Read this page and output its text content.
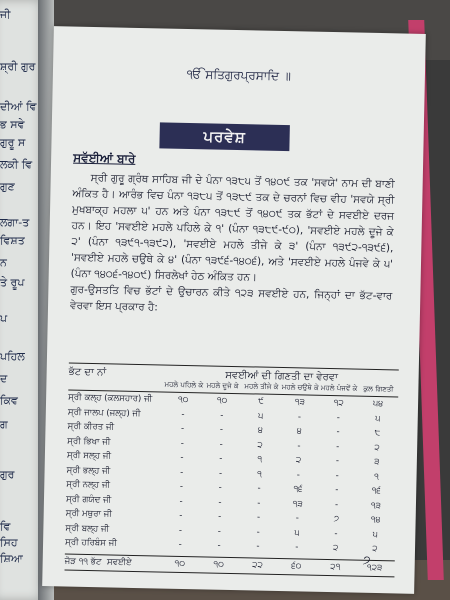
ਜੀ
ਸ਼੍ਰੀ ਗੁਰ
ਦੀਆਂ ਵਿ
ਭ ਸਵੇ
ਗੁਰੂ ਸ
ਲਕੀ ਵਿ
ਗੁਣ
ਲਗਾ-ਤ
ਵਿਸ਼ਤ
ਨ
ਤੇ ਰੂਪ
ਪ
ਪਹਿਲ
ਦ
ਕਿਵ
ਗ
ਗੁਰ
ਵਿ
ਸਿਹ
ਸ਼ਿਆ
ੴ ਸਤਿਗੁਰਪ੍ਰਸਾਦਿ ॥
ਪਰਵੇਸ਼
ਸਵੱਈਆਂ ਬਾਰੇ
ਸ੍ਰੀ ਗੁਰੂ ਗ੍ਰੰਥ ਸਾਹਿਬ ਜੀ ਦੇ ਪੰਨਾ ੧੩੮੫ ਤੋਂ ੧੪੦੯ ਤਕ 'ਸਵਯੇ' ਨਾਮ ਦੀ ਬਾਣੀ ਅੰਕਿਤ ਹੈ। ਆਰੰਭ ਵਿਚ ਪੰਨਾ ੧੩੮੫ ਤੋਂ ੧੩੮੯ ਤਕ ਦੇ ਚਰਨਾਂ ਵਿਚ ਵੀਹ 'ਸਵਯੇ ਸ੍ਰੀ ਮੁਖਬਾਕ੍ਹ ਮਹਲਾ ੫' ਹਨ ਅਤੇ ਪੰਨਾ ੧੩੮੯ ਤੋਂ ੧੪੦੯ ਤਕ ਭੱਟਾਂ ਦੇ ਸਵਈਏ ਦਰਜ ਹਨ। ਇਹ 'ਸਵਈਏ ਮਹਲੇ ਪਹਿਲੇ ਕੇ ੧' (ਪੰਨਾ ੧੩੮੯-੯੦), 'ਸਵਈਏ ਮਹਲੇ ਦੂਜੇ ਕੇ ੨' (ਪੰਨਾ ੧੩੯੧-੧੩੯੨), 'ਸਵਈਏ ਮਹਲੇ ਤੀਜੇ ਕੇ ੩' (ਪੰਨਾ ੧੩੯੨-੧੩੯੬), 'ਸਵਈਏ ਮਹਲੇ ਚਉਥੇ ਕੇ ੪' (ਪੰਨਾ ੧੩੯੬-੧੪੦੬), ਅਤੇ 'ਸਵਈਏ ਮਹਲੇ ਪੰਜਵੇ ਕੇ ੫' (ਪੰਨਾ ੧੪੦੬-੧੪੦੯) ਸਿਰਲੇਖਾਂ ਹੇਠ ਅੰਕਿਤ ਹਨ।
ਗੁਰ-ਉਸਤਤਿ ਵਿਚ ਭੱਟਾਂ ਦੇ ਉਚਾਰਨ ਕੀਤੇ ੧੨੩ ਸਵਈਏ ਹਨ, ਜਿਨ੍ਹਾਂ ਦਾ ਭੱਟ-ਵਾਰ ਵੇਰਵਾ ਇਸ ਪ੍ਰਕਾਰ ਹੈ:
ਭੱਟ ਦਾ ਨਾਂ	ਸਵਈਆਂ ਦੀ ਗਿਣਤੀ ਦਾ ਵੇਰਵਾ
ਮਹਲੇ ਪਹਿਲੇ ਕੇ ਮਹਲੇ ਦੂਜੇ ਕੇ ਮਹਲੇ ਤੀਜੇ ਕੇ ਮਹਲੇ ਚਉਥੇ ਕੇ ਮਹਲੇ ਪੰਜਵੇਂ ਕੇ ਕੁਲ ਗਿਣਤੀ
ਸ੍ਰੀ ਕਲ੍ਹ (ਕਲਸਹਾਰ) ਜੀ	੧੦	੧੦	੯	੧੩	੧੨	੫੪
ਸ੍ਰੀ ਜਾਲਪ (ਜਲ੍ਹ) ਜੀ	-	-	੫	-	-	੫
ਸ੍ਰੀ ਕੀਰਤ ਜੀ	-	-	੪	੪	-	੮
ਸ੍ਰੀ ਭਿਖਾ ਜੀ	-	-	੨	-	-	੨
ਸ੍ਰੀ ਸਲ੍ਹ ਜੀ	-	-	੧	੨	-	੩
ਸ੍ਰੀ ਭਲ੍ਹ ਜੀ	-	-	੧	-	-	੧
ਸ੍ਰੀ ਨਲ੍ਹ ਜੀ	-	-	-	੧੬	-	੧੬
ਸ੍ਰੀ ਗਯੰਦ ਜੀ	-	-	-	੧੩	-	੧੩
ਸ੍ਰੀ ਮਥੁਰਾ ਜੀ	-	-	-	-	੭	੧੪
ਸ੍ਰੀ ਬਲ੍ਹ ਜੀ	-	-	-	੫	-	੫
ਸ੍ਰੀ ਹਰਿਬੰਸ ਜੀ	-	-	-	-	੨	੨
ਜੋੜ ੧੧ ਭੱਟ ਸਵਈਏ	੧੦	੧੦	੨੨	੬੦	੨੧	੧੨੩
੭
